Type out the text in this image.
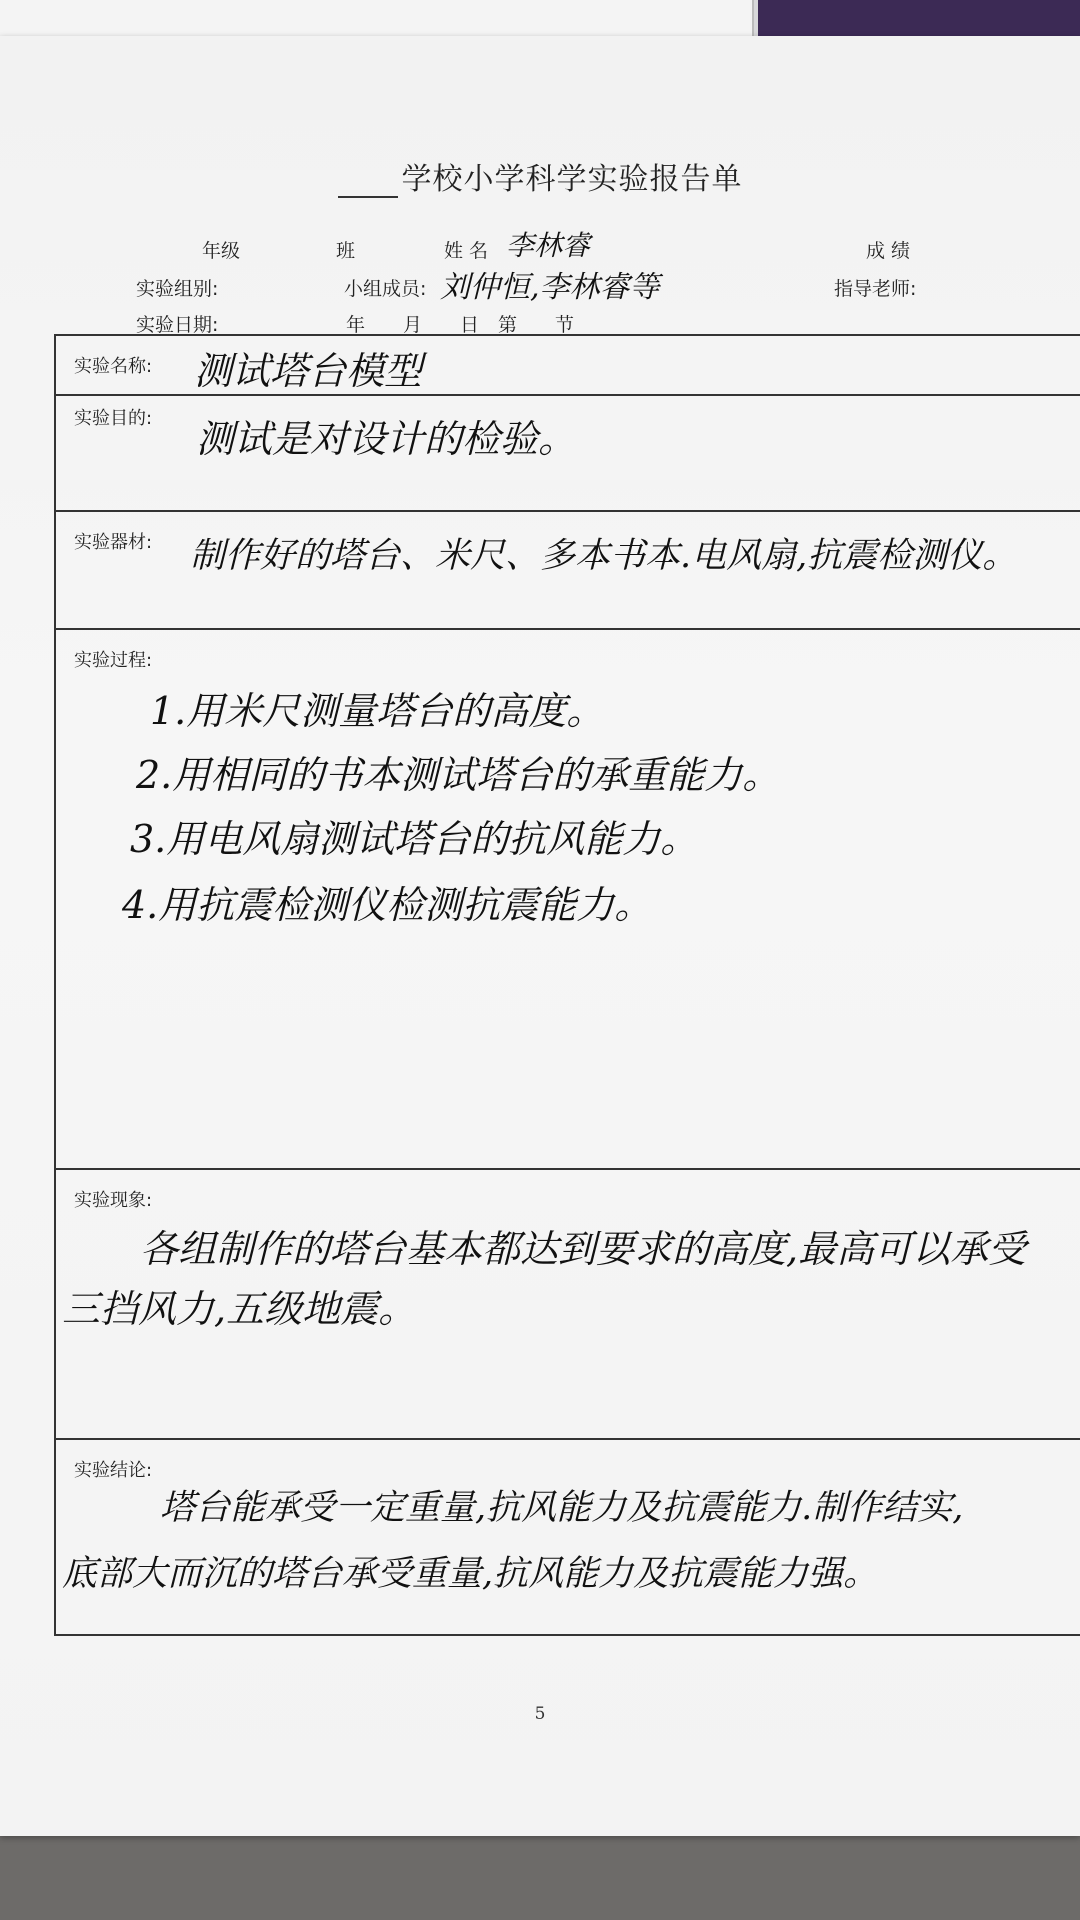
学校小学科学实验报告单
年级	班	姓 名 李林睿	成 绩
实验组别:	小组成员: 刘仲恒,李林睿等	指导老师:
实验日期:	年　　月　　日　第　　节
实验名称: 测试塔台模型
实验目的: 测试是对设计的检验。
实验器材: 制作好的塔台、米尺、多本书本.电风扇,抗震检测仪。
实验过程:
1.用米尺测量塔台的高度。
2.用相同的书本测试塔台的承重能力。
3.用电风扇测试塔台的抗风能力。
4.用抗震检测仪检测抗震能力。
实验现象:
各组制作的塔台基本都达到要求的高度,最高可以承受
三挡风力,五级地震。
实验结论:
塔台能承受一定重量,抗风能力及抗震能力.制作结实,
底部大而沉的塔台承受重量,抗风能力及抗震能力强。
5
